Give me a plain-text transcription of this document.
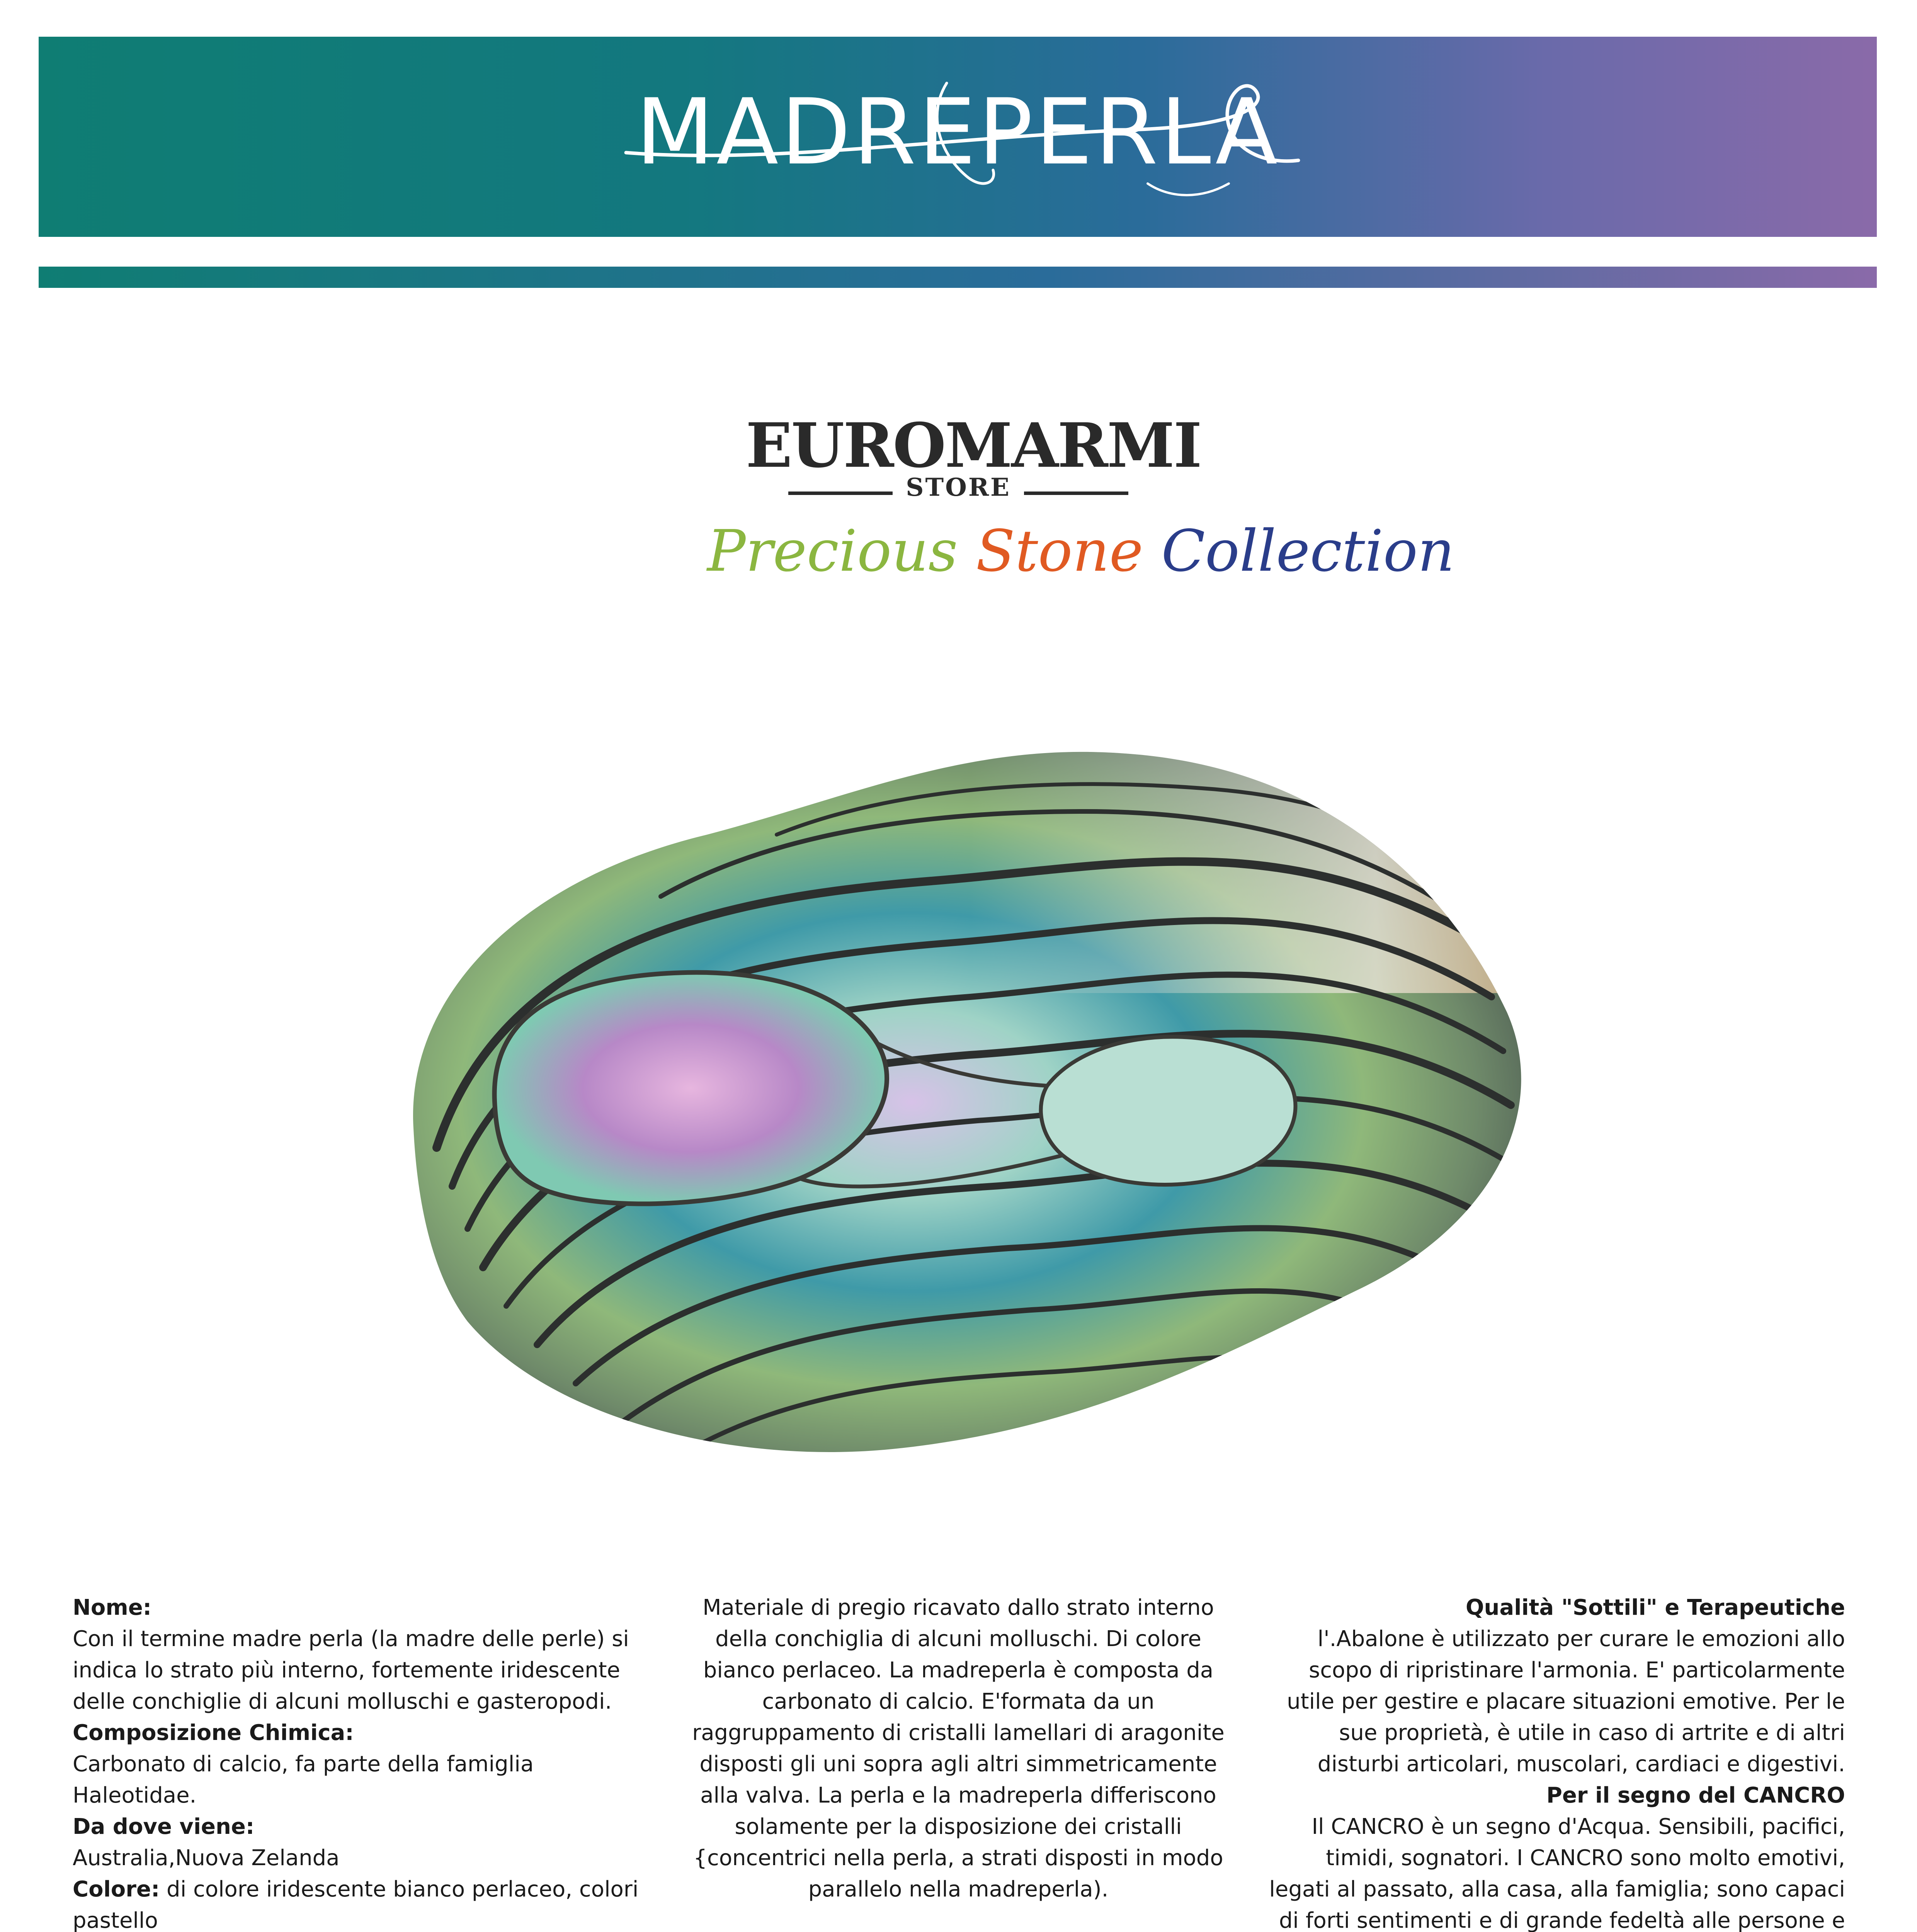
MADREPERLA
EUROMARMI
STORE
Precious Stone Collection

Nome:

Con il termine madre perla (la madre delle perle) si indica lo strato più interno, fortemente iridescente delle conchiglie di alcuni molluschi e gasteropodi.

Composizione Chimica:

Carbonato di calcio, fa parte della famiglia Haleotidae.

Da dove viene:

Australia,Nuova Zelanda

Colore: di colore iridescente bianco perlaceo, colori pastello

Materiale di pregio ricavato dallo strato interno della conchiglia di alcuni molluschi. Di colore bianco perlaceo. La madreperla è composta da carbonato di calcio. E'formata da un raggruppamento di cristalli lamellari di aragonite disposti gli uni sopra agli altri simmetricamente alla valva. La perla e la madreperla differiscono solamente per la disposizione dei cristalli {concentrici nella perla, a strati disposti in modo parallelo nella madreperla).

Qualità "Sottili" e Terapeutiche

l'.Abalone è utilizzato per curare le emozioni allo scopo di ripristinare l'armonia. E' particolarmente utile per gestire e placare situazioni emotive. Per le sue proprietà, è utile in caso di artrite e di altri disturbi articolari, muscolari, cardiaci e digestivi.

Per il segno del CANCRO

Il CANCRO è un segno d'Acqua. Sensibili, pacifici, timidi, sognatori. I CANCRO sono molto emotivi, legati al passato, alla casa, alla famiglia; sono capaci di forti sentimenti e di grande fedeltà alle persone e
